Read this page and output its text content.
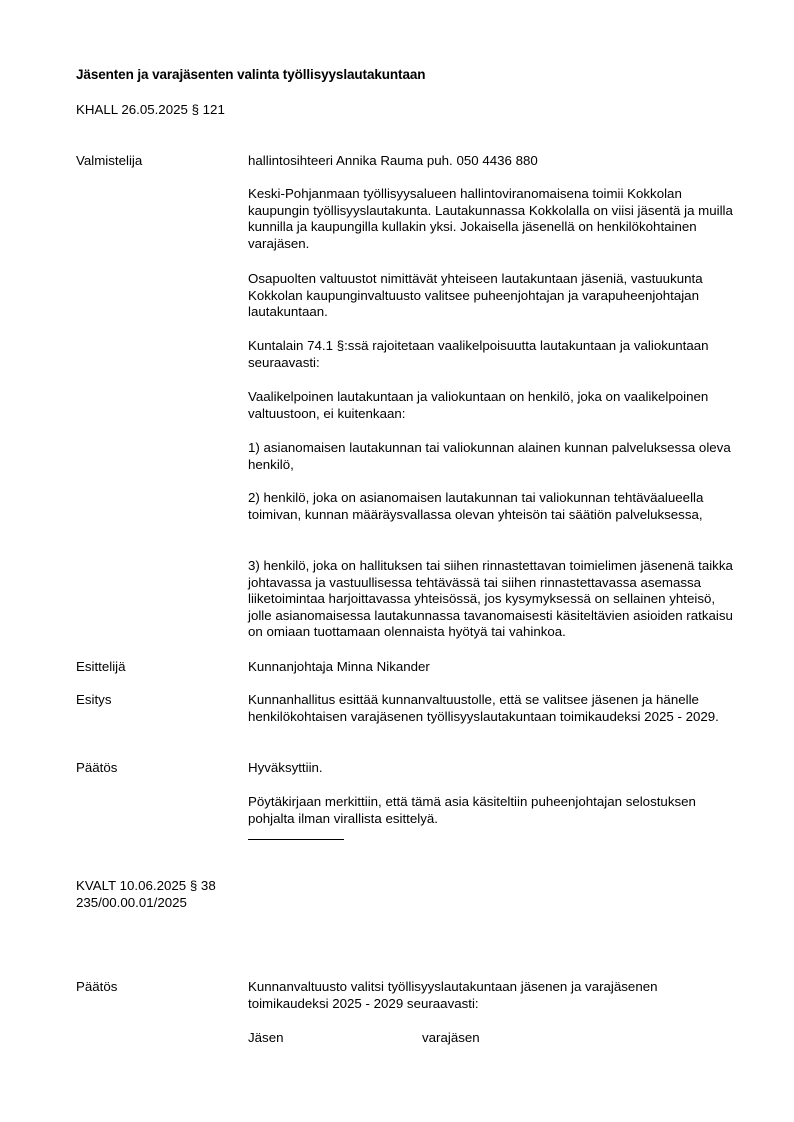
Jäsenten ja varajäsenten valinta työllisyyslautakuntaan

KHALL 26.05.2025 § 121

Valmistelija	hallintosihteeri Annika Rauma puh. 050 4436 880

Keski-Pohjanmaan työllisyysalueen hallintoviranomaisena toimii Kokkolan kaupungin työllisyyslautakunta. Lautakunnassa Kokkolalla on viisi jäsentä ja muilla kunnilla ja kaupungilla kullakin yksi. Jokaisella jäsenellä on henkilökohtainen varajäsen.

Osapuolten valtuustot nimittävät yhteiseen lautakuntaan jäseniä, vastuukunta Kokkolan kaupunginvaltuusto valitsee puheenjohtajan ja varapuheenjohtajan lautakuntaan.

Kuntalain 74.1 §:ssä rajoitetaan vaalikelpoisuutta lautakuntaan ja valiokuntaan seuraavasti:

Vaalikelpoinen lautakuntaan ja valiokuntaan on henkilö, joka on vaalikelpoinen valtuustoon, ei kuitenkaan:

1) asianomaisen lautakunnan tai valiokunnan alainen kunnan palveluksessa oleva henkilö,

2) henkilö, joka on asianomaisen lautakunnan tai valiokunnan tehtäväalueella toimivan, kunnan määräysvallassa olevan yhteisön tai säätiön palveluksessa,

3) henkilö, joka on hallituksen tai siihen rinnastettavan toimielimen jäsenenä taikka johtavassa ja vastuullisessa tehtävässä tai siihen rinnastettavassa asemassa liiketoimintaa harjoittavassa yhteisössä, jos kysymyksessä on sellainen yhteisö, jolle asianomaisessa lautakunnassa tavanomaisesti käsiteltävien asioiden ratkaisu on omiaan tuottamaan olennaista hyötyä tai vahinkoa.

Esittelijä	Kunnanjohtaja Minna Nikander

Esitys	Kunnanhallitus esittää kunnanvaltuustolle, että se valitsee jäsenen ja hänelle henkilökohtaisen varajäsenen työllisyyslautakuntaan toimikaudeksi 2025 - 2029.

Päätös	Hyväksyttiin.

Pöytäkirjaan merkittiin, että tämä asia käsiteltiin puheenjohtajan selostuksen pohjalta ilman virallista esittelyä.

KVALT 10.06.2025 § 38

235/00.00.01/2025

Päätös	Kunnanvaltuusto valitsi työllisyyslautakuntaan jäsenen ja varajäsenen toimikaudeksi 2025 - 2029 seuraavasti:

Jäsen	varajäsen
